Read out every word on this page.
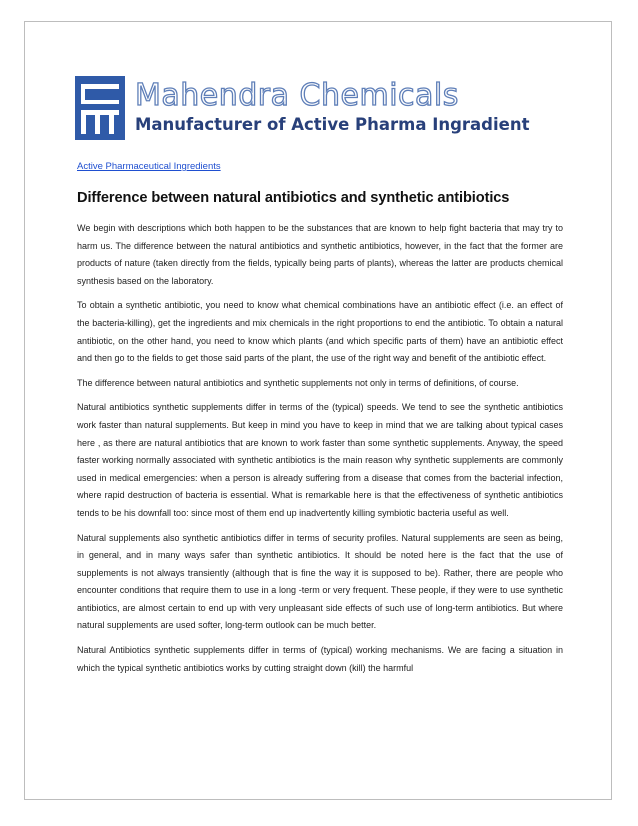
Mahendra Chemicals
Manufacturer of Active Pharma Ingradient
Active Pharmaceutical Ingredients
Difference between natural antibiotics and synthetic antibiotics

We begin with descriptions which both happen to be the substances that are known to help fight bacteria that may try to harm us. The difference between the natural antibiotics and synthetic antibiotics, however, in the fact that the former are products of nature (taken directly from the fields, typically being parts of plants), whereas the latter are products chemical synthesis based on the laboratory.

To obtain a synthetic antibiotic, you need to know what chemical combinations have an antibiotic effect (i.e. an effect of the bacteria-killing), get the ingredients and mix chemicals in the right proportions to end the antibiotic. To obtain a natural antibiotic, on the other hand, you need to know which plants (and which specific parts of them) have an antibiotic effect and then go to the fields to get those said parts of the plant, the use of the right way and benefit of the antibiotic effect.

The difference between natural antibiotics and synthetic supplements not only in terms of definitions, of course.

Natural antibiotics synthetic supplements differ in terms of the (typical) speeds. We tend to see the synthetic antibiotics work faster than natural supplements. But keep in mind you have to keep in mind that we are talking about typical cases here , as there are natural antibiotics that are known to work faster than some synthetic supplements. Anyway, the speed faster working normally associated with synthetic antibiotics is the main reason why synthetic supplements are commonly used in medical emergencies: when a person is already suffering from a disease that comes from the bacterial infection, where rapid destruction of bacteria is essential. What is remarkable here is that the effectiveness of synthetic antibiotics tends to be his downfall too: since most of them end up inadvertently killing symbiotic bacteria useful as well.

Natural supplements also synthetic antibiotics differ in terms of security profiles. Natural supplements are seen as being, in general, and in many ways safer than synthetic antibiotics. It should be noted here is the fact that the use of supplements is not always transiently (although that is fine the way it is supposed to be). Rather, there are people who encounter conditions that require them to use in a long -term or very frequent. These people, if they were to use synthetic antibiotics, are almost certain to end up with very unpleasant side effects of such use of long-term antibiotics. But where natural supplements are used softer, long-term outlook can be much better.

Natural Antibiotics synthetic supplements differ in terms of (typical) working mechanisms. We are facing a situation in which the typical synthetic antibiotics works by cutting straight down (kill) the harmful
